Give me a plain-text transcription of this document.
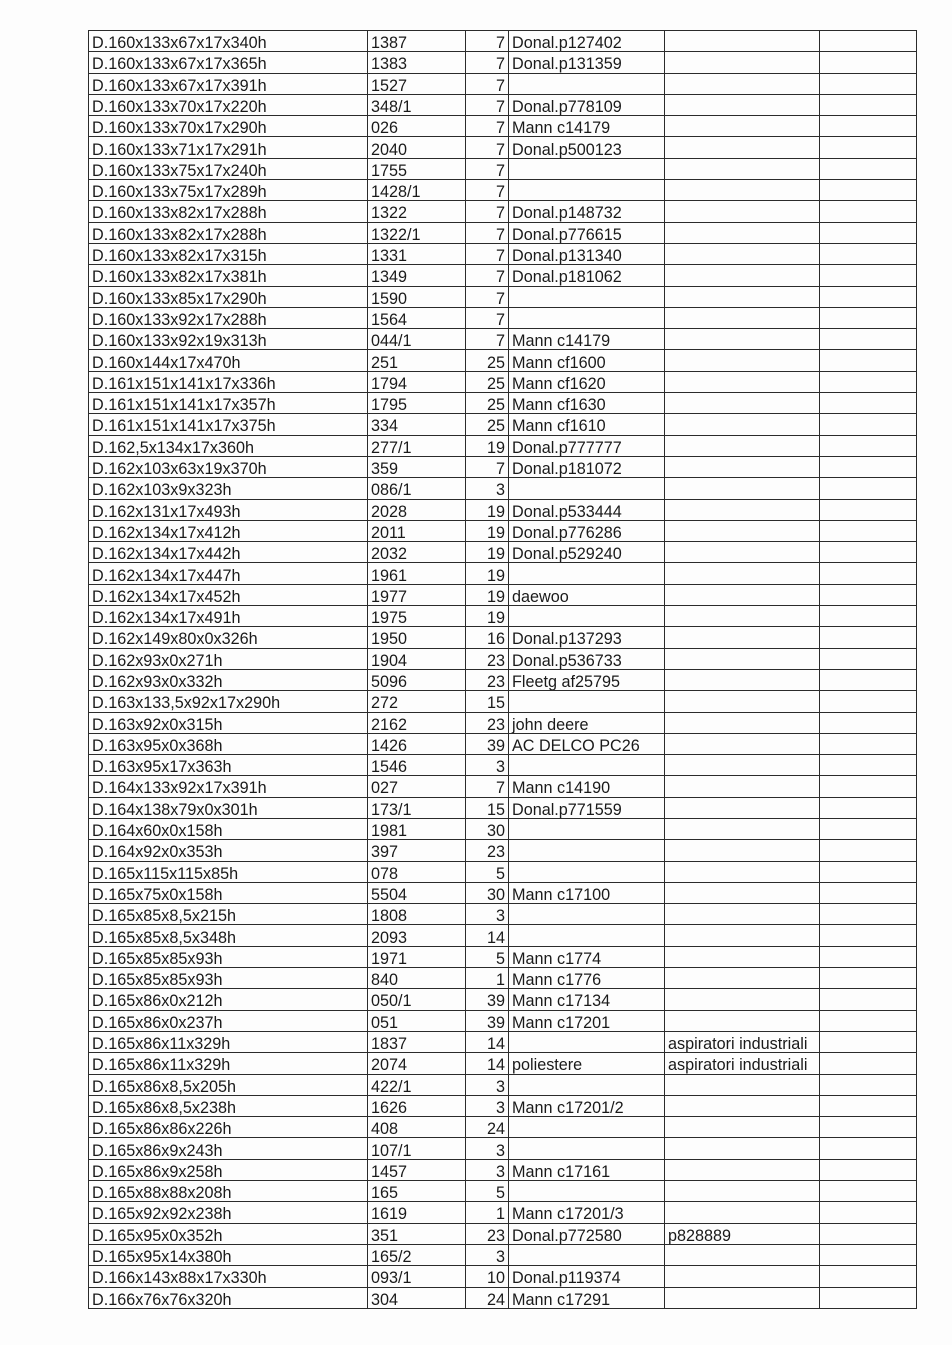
D.160x133x67x17x340h	1387	7	Donal.p127402		
D.160x133x67x17x365h	1383	7	Donal.p131359		
D.160x133x67x17x391h	1527	7			
D.160x133x70x17x220h	348/1	7	Donal.p778109		
D.160x133x70x17x290h	026	7	Mann c14179		
D.160x133x71x17x291h	2040	7	Donal.p500123		
D.160x133x75x17x240h	1755	7			
D.160x133x75x17x289h	1428/1	7			
D.160x133x82x17x288h	1322	7	Donal.p148732		
D.160x133x82x17x288h	1322/1	7	Donal.p776615		
D.160x133x82x17x315h	1331	7	Donal.p131340		
D.160x133x82x17x381h	1349	7	Donal.p181062		
D.160x133x85x17x290h	1590	7			
D.160x133x92x17x288h	1564	7			
D.160x133x92x19x313h	044/1	7	Mann c14179		
D.160x144x17x470h	251	25	Mann cf1600		
D.161x151x141x17x336h	1794	25	Mann cf1620		
D.161x151x141x17x357h	1795	25	Mann cf1630		
D.161x151x141x17x375h	334	25	Mann cf1610		
D.162,5x134x17x360h	277/1	19	Donal.p777777		
D.162x103x63x19x370h	359	7	Donal.p181072		
D.162x103x9x323h	086/1	3			
D.162x131x17x493h	2028	19	Donal.p533444		
D.162x134x17x412h	2011	19	Donal.p776286		
D.162x134x17x442h	2032	19	Donal.p529240		
D.162x134x17x447h	1961	19			
D.162x134x17x452h	1977	19	daewoo		
D.162x134x17x491h	1975	19			
D.162x149x80x0x326h	1950	16	Donal.p137293		
D.162x93x0x271h	1904	23	Donal.p536733		
D.162x93x0x332h	5096	23	Fleetg af25795		
D.163x133,5x92x17x290h	272	15			
D.163x92x0x315h	2162	23	john deere		
D.163x95x0x368h	1426	39	AC DELCO PC26		
D.163x95x17x363h	1546	3			
D.164x133x92x17x391h	027	7	Mann c14190		
D.164x138x79x0x301h	173/1	15	Donal.p771559		
D.164x60x0x158h	1981	30			
D.164x92x0x353h	397	23			
D.165x115x115x85h	078	5			
D.165x75x0x158h	5504	30	Mann c17100		
D.165x85x8,5x215h	1808	3			
D.165x85x8,5x348h	2093	14			
D.165x85x85x93h	1971	5	Mann c1774		
D.165x85x85x93h	840	1	Mann c1776		
D.165x86x0x212h	050/1	39	Mann c17134		
D.165x86x0x237h	051	39	Mann c17201		
D.165x86x11x329h	1837	14		aspiratori industriali	
D.165x86x11x329h	2074	14	poliestere	aspiratori industriali	
D.165x86x8,5x205h	422/1	3			
D.165x86x8,5x238h	1626	3	Mann c17201/2		
D.165x86x86x226h	408	24			
D.165x86x9x243h	107/1	3			
D.165x86x9x258h	1457	3	Mann c17161		
D.165x88x88x208h	165	5			
D.165x92x92x238h	1619	1	Mann c17201/3		
D.165x95x0x352h	351	23	Donal.p772580	p828889	
D.165x95x14x380h	165/2	3			
D.166x143x88x17x330h	093/1	10	Donal.p119374		
D.166x76x76x320h	304	24	Mann c17291		
